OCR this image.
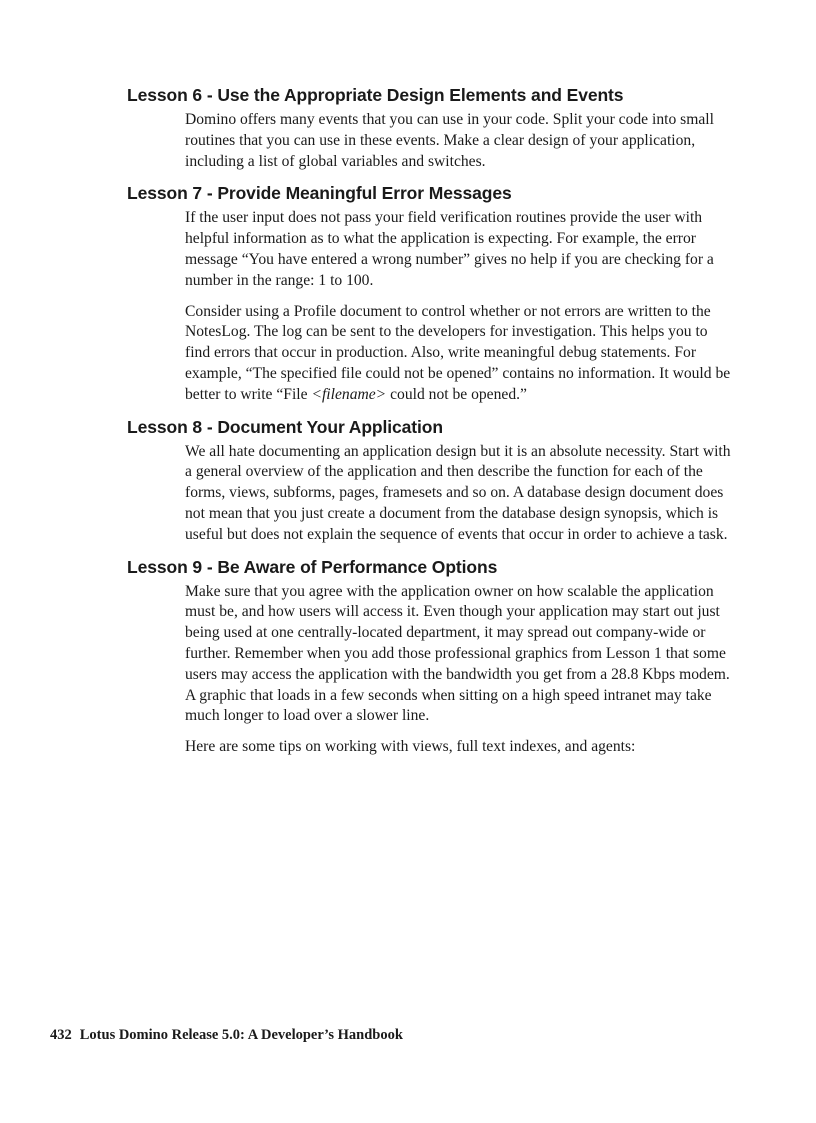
Lesson 6 - Use the Appropriate Design Elements and Events

Domino offers many events that you can use in your code. Split your code into small routines that you can use in these events. Make a clear design of your application, including a list of global variables and switches.

Lesson 7 - Provide Meaningful Error Messages

If the user input does not pass your field verification routines provide the user with helpful information as to what the application is expecting. For example, the error message “You have entered a wrong number” gives no help if you are checking for a number in the range: 1 to 100.

Consider using a Profile document to control whether or not errors are written to the NotesLog. The log can be sent to the developers for investigation. This helps you to find errors that occur in production. Also, write meaningful debug statements. For example, “The specified file could not be opened” contains no information. It would be better to write “File <filename> could not be opened.”

Lesson 8 - Document Your Application

We all hate documenting an application design but it is an absolute necessity. Start with a general overview of the application and then describe the function for each of the forms, views, subforms, pages, framesets and so on. A database design document does not mean that you just create a document from the database design synopsis, which is useful but does not explain the sequence of events that occur in order to achieve a task.

Lesson 9 - Be Aware of Performance Options

Make sure that you agree with the application owner on how scalable the application must be, and how users will access it. Even though your application may start out just being used at one centrally-located department, it may spread out company-wide or further. Remember when you add those professional graphics from Lesson 1 that some users may access the application with the bandwidth you get from a 28.8 Kbps modem. A graphic that loads in a few seconds when sitting on a high speed intranet may take much longer to load over a slower line.

Here are some tips on working with views, full text indexes, and agents:

432 Lotus Domino Release 5.0: A Developer’s Handbook
